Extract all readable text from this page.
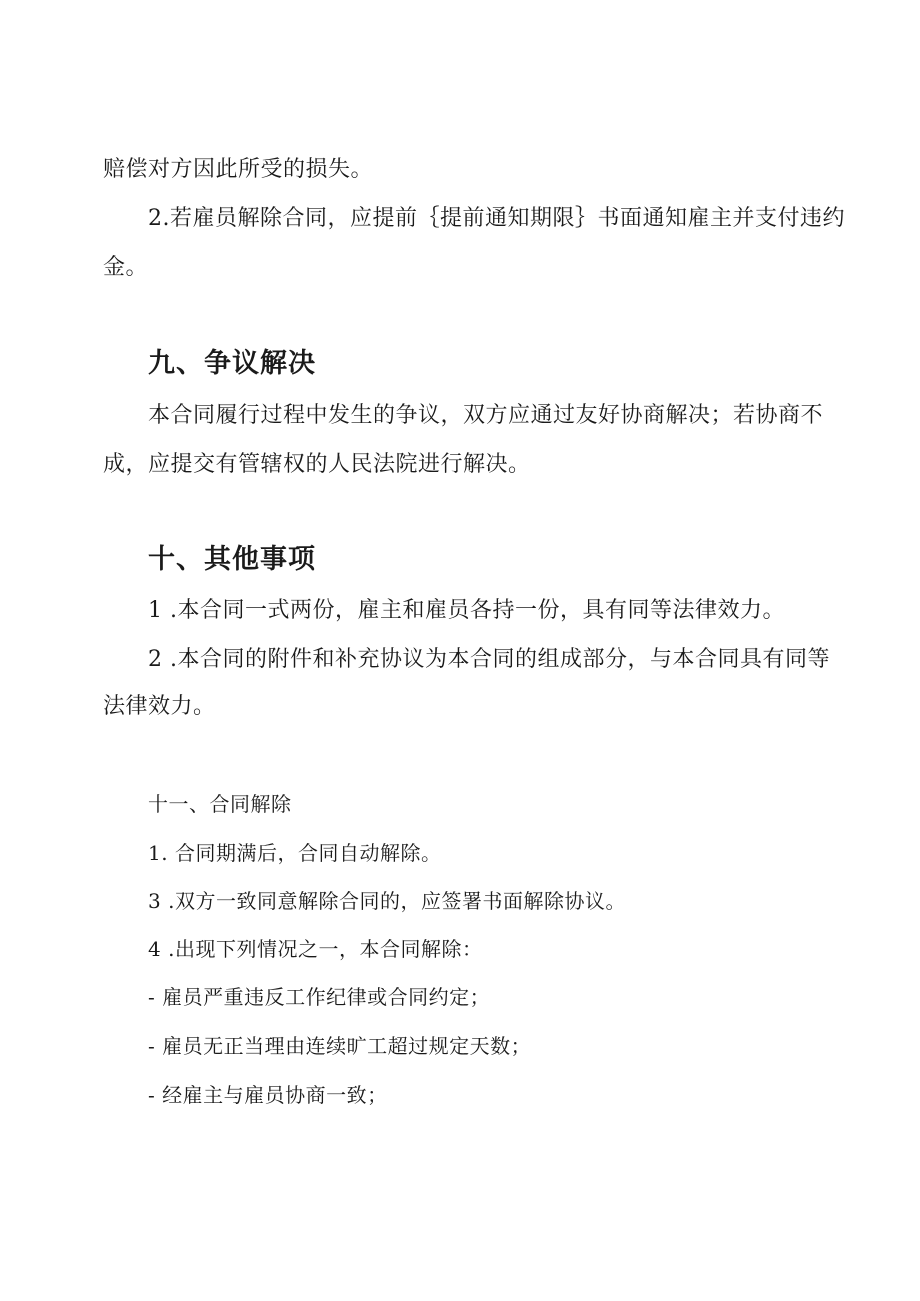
赔偿对方因此所受的损失。
2.若雇员解除合同，应提前｛提前通知期限｝书面通知雇主并支付违约
金。
九、争议解决
本合同履行过程中发生的争议，双方应通过友好协商解决；若协商不
成，应提交有管辖权的人民法院进行解决。
十、其他事项
1 .本合同一式两份，雇主和雇员各持一份，具有同等法律效力。
2 .本合同的附件和补充协议为本合同的组成部分，与本合同具有同等
法律效力。
十一、合同解除
1. 合同期满后，合同自动解除。
3 .双方一致同意解除合同的，应签署书面解除协议。
4 .出现下列情况之一，本合同解除：
- 雇员严重违反工作纪律或合同约定；
- 雇员无正当理由连续旷工超过规定天数；
- 经雇主与雇员协商一致；
